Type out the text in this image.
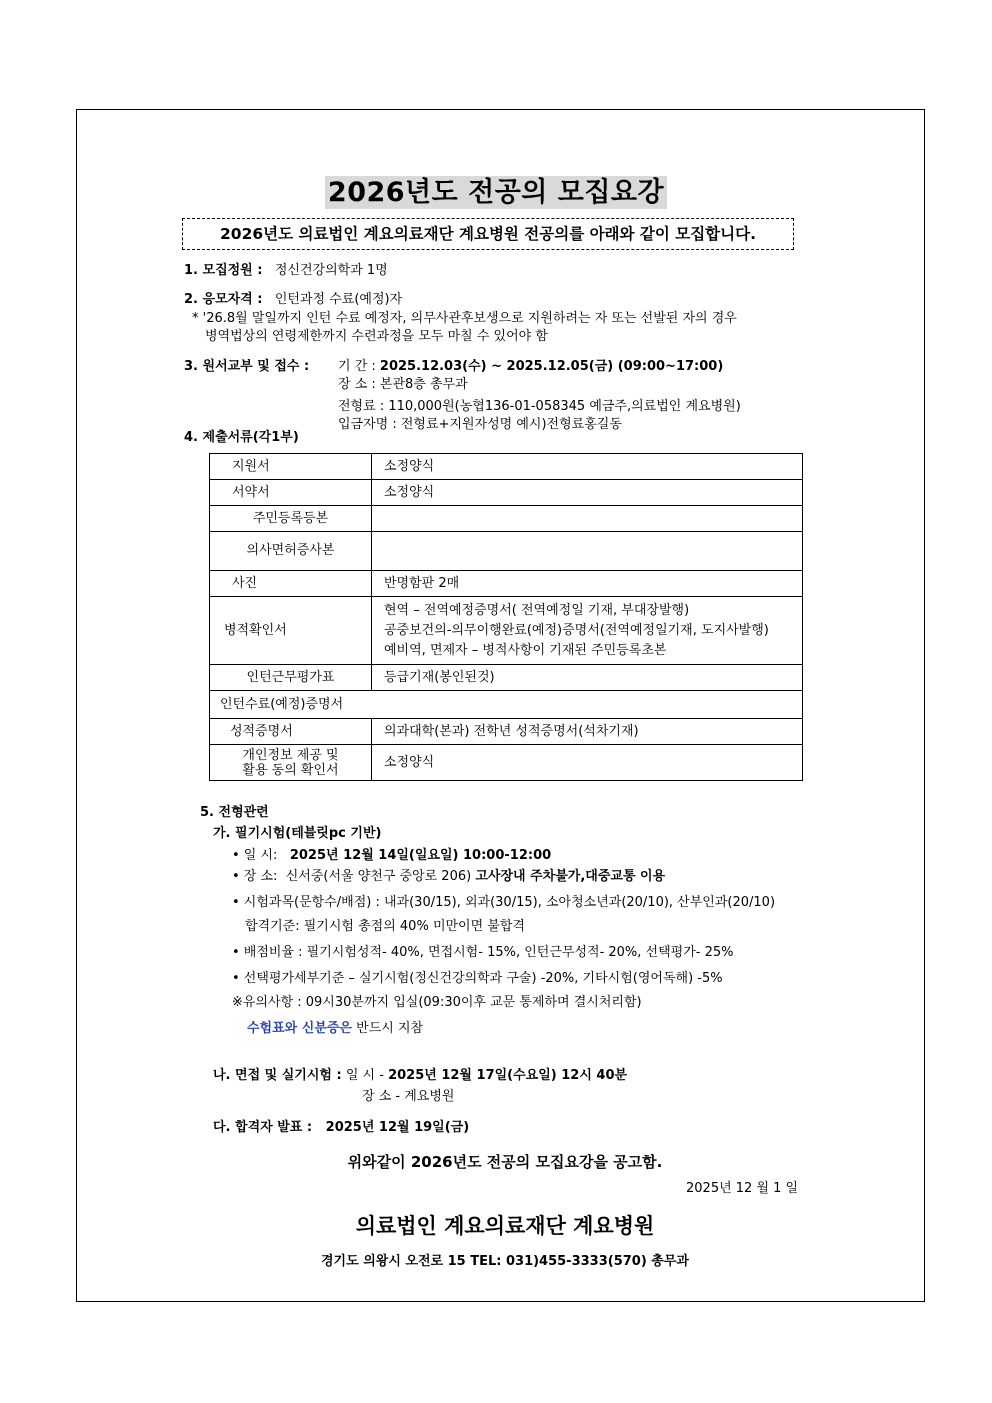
2026년도 전공의 모집요강
2026년도 의료법인 계요의료재단 계요병원 전공의를 아래와 같이 모집합니다.
1. 모집정원 : 정신건강의학과 1명
2. 응모자격 : 인턴과정 수료(예정)자
* '26.8월 말일까지 인턴 수료 예정자, 의무사관후보생으로 지원하려는 자 또는 선발된 자의 경우
병역법상의 연령제한까지 수련과정을 모두 마칠 수 있어야 함
3. 원서교부 및 접수 : 기 간 : 2025.12.03(수) ~ 2025.12.05(금) (09:00~17:00)
장 소 : 본관8층 총무과
전형료 : 110,000원(농협136-01-058345 예금주,의료법인 계요병원)
입금자명 : 전형료+지원자성명 예시)전형료홍길동
4. 제출서류(각1부)
지원서	소정양식
서약서	소정양식
주민등록등본	
의사면허증사본	
사진	반명함판 2매
병적확인서	현역 – 전역예정증명서( 전역예정일 기재, 부대장발행)
공중보건의-의무이행완료(예정)증명서(전역예정일기재, 도지사발행)
예비역, 면제자 – 병적사항이 기재된 주민등록초본

인턴근무평가표	등급기재(봉인된것)
인턴수료(예정)증명서	
성적증명서	의과대학(본과) 전학년 성적증명서(석차기재)

개인정보 제공 및
활용 동의 확인서	소정양식
5. 전형관련
가. 필기시험(테블릿pc 기반)
• 일 시: 2025년 12월 14일(일요일) 10:00-12:00
• 장 소: 신서중(서울 양천구 중앙로 206) 고사장내 주차불가,대중교통 이용
• 시험과목(문항수/배점) : 내과(30/15), 외과(30/15), 소아청소년과(20/10), 산부인과(20/10)
합격기준: 필기시험 총점의 40% 미만이면 불합격
• 배점비율 : 필기시험성적- 40%, 면접시험- 15%, 인턴근무성적- 20%, 선택평가- 25%
• 선택평가세부기준 – 실기시험(정신건강의학과 구술) -20%, 기타시험(영어독해) -5%
※유의사항 : 09시30분까지 입실(09:30이후 교문 통제하며 결시처리함)
수험표와 신분증은 반드시 지참
나. 면접 및 실기시험 : 일 시 - 2025년 12월 17일(수요일) 12시 40분
장 소 - 계요병원
다. 합격자 발표 : 2025년 12월 19일(금)
위와같이 2026년도 전공의 모집요강을 공고함.
2025년 12 월 1 일
의료법인 계요의료재단 계요병원
경기도 의왕시 오전로 15 TEL: 031)455-3333(570) 총무과
